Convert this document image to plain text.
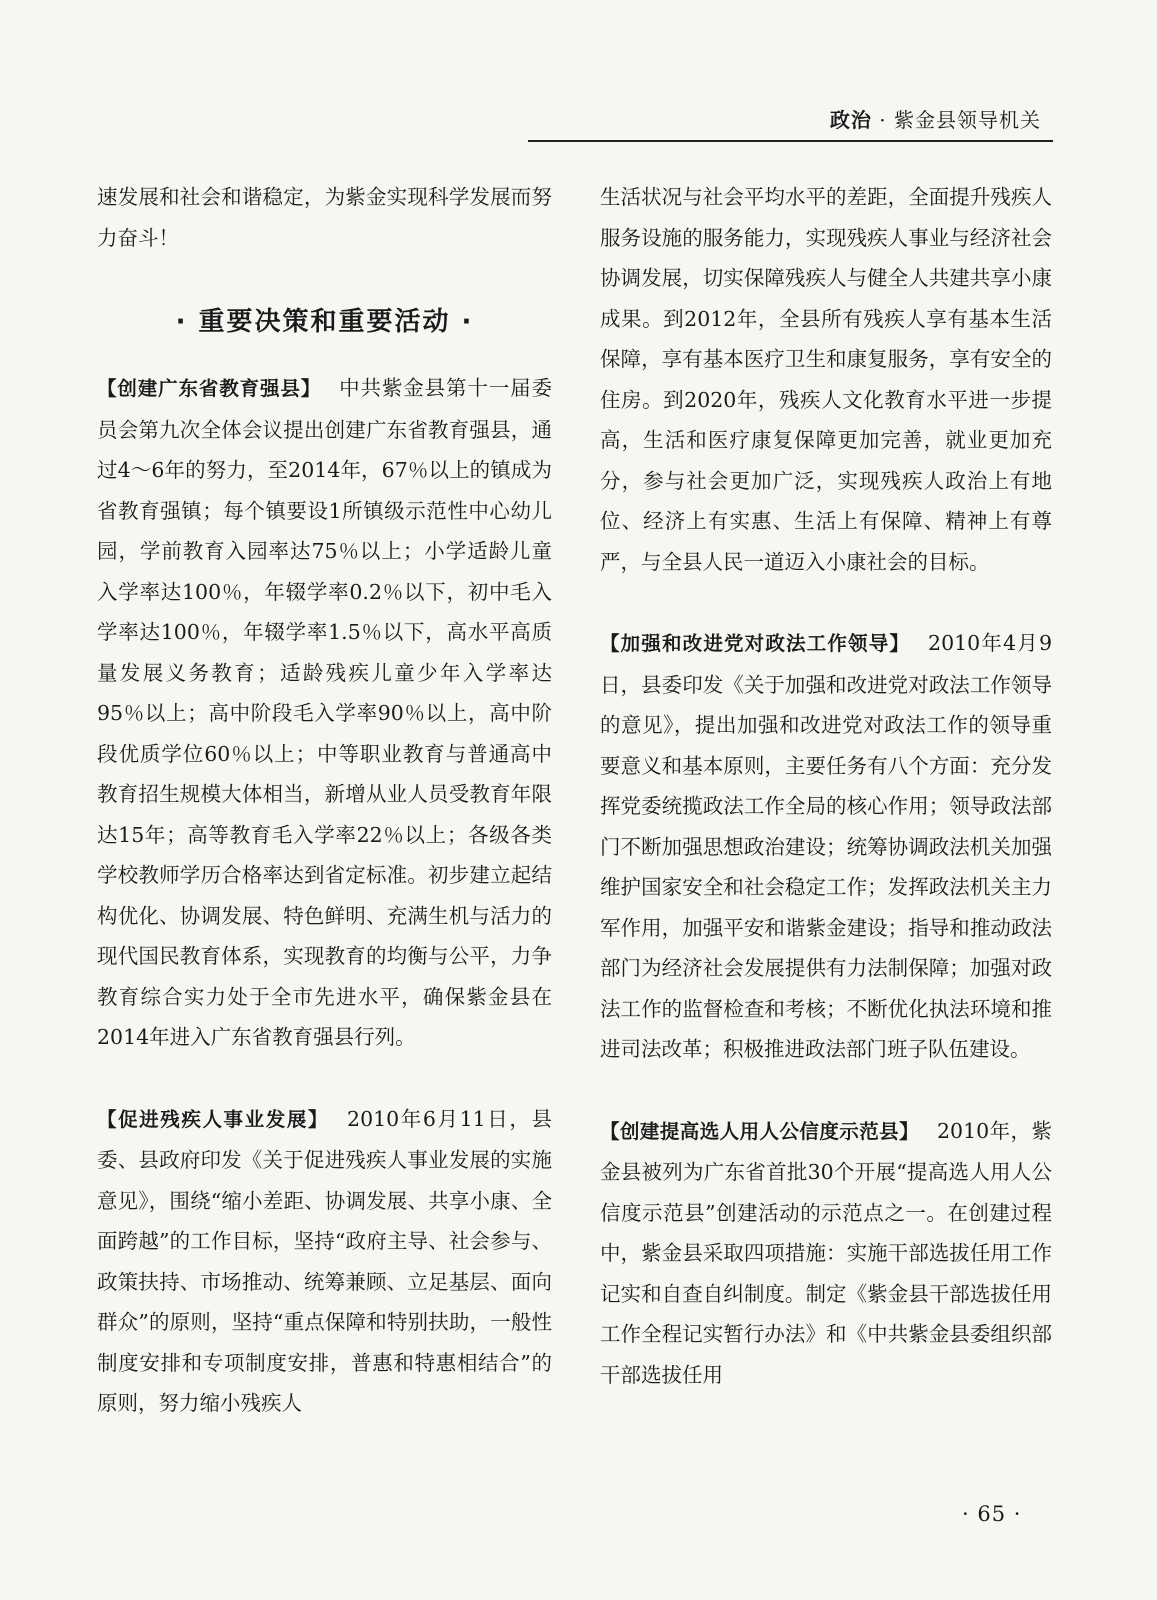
政治 · 紫金县领导机关

速发展和社会和谐稳定，为紫金实现科学发展而努力奋斗！

· 重要决策和重要活动 ·

【创建广东省教育强县】 中共紫金县第十一届委员会第九次全体会议提出创建广东省教育强县，通过4～6年的努力，至2014年，67％以上的镇成为省教育强镇；每个镇要设1所镇级示范性中心幼儿园，学前教育入园率达75％以上；小学适龄儿童入学率达100％，年辍学率0.2％以下，初中毛入学率达100％，年辍学率1.5％以下，高水平高质量发展义务教育；适龄残疾儿童少年入学率达95％以上；高中阶段毛入学率90％以上，高中阶段优质学位60％以上；中等职业教育与普通高中教育招生规模大体相当，新增从业人员受教育年限达15年；高等教育毛入学率22％以上；各级各类学校教师学历合格率达到省定标准。初步建立起结构优化、协调发展、特色鲜明、充满生机与活力的现代国民教育体系，实现教育的均衡与公平，力争教育综合实力处于全市先进水平，确保紫金县在2014年进入广东省教育强县行列。

【促进残疾人事业发展】 2010年6月11日，县委、县政府印发《关于促进残疾人事业发展的实施意见》，围绕“缩小差距、协调发展、共享小康、全面跨越”的工作目标，坚持“政府主导、社会参与、政策扶持、市场推动、统筹兼顾、立足基层、面向群众”的原则，坚持“重点保障和特别扶助，一般性制度安排和专项制度安排，普惠和特惠相结合”的原则，努力缩小残疾人

生活状况与社会平均水平的差距，全面提升残疾人服务设施的服务能力，实现残疾人事业与经济社会协调发展，切实保障残疾人与健全人共建共享小康成果。到2012年，全县所有残疾人享有基本生活保障，享有基本医疗卫生和康复服务，享有安全的住房。到2020年，残疾人文化教育水平进一步提高，生活和医疗康复保障更加完善，就业更加充分，参与社会更加广泛，实现残疾人政治上有地位、经济上有实惠、生活上有保障、精神上有尊严，与全县人民一道迈入小康社会的目标。

【加强和改进党对政法工作领导】 2010年4月9日，县委印发《关于加强和改进党对政法工作领导的意见》，提出加强和改进党对政法工作的领导重要意义和基本原则，主要任务有八个方面：充分发挥党委统揽政法工作全局的核心作用；领导政法部门不断加强思想政治建设；统筹协调政法机关加强维护国家安全和社会稳定工作；发挥政法机关主力军作用，加强平安和谐紫金建设；指导和推动政法部门为经济社会发展提供有力法制保障；加强对政法工作的监督检查和考核；不断优化执法环境和推进司法改革；积极推进政法部门班子队伍建设。

【创建提高选人用人公信度示范县】 2010年，紫金县被列为广东省首批30个开展“提高选人用人公信度示范县”创建活动的示范点之一。在创建过程中，紫金县采取四项措施：实施干部选拔任用工作记实和自查自纠制度。制定《紫金县干部选拔任用工作全程记实暂行办法》和《中共紫金县委组织部干部选拔任用

· 65 ·
